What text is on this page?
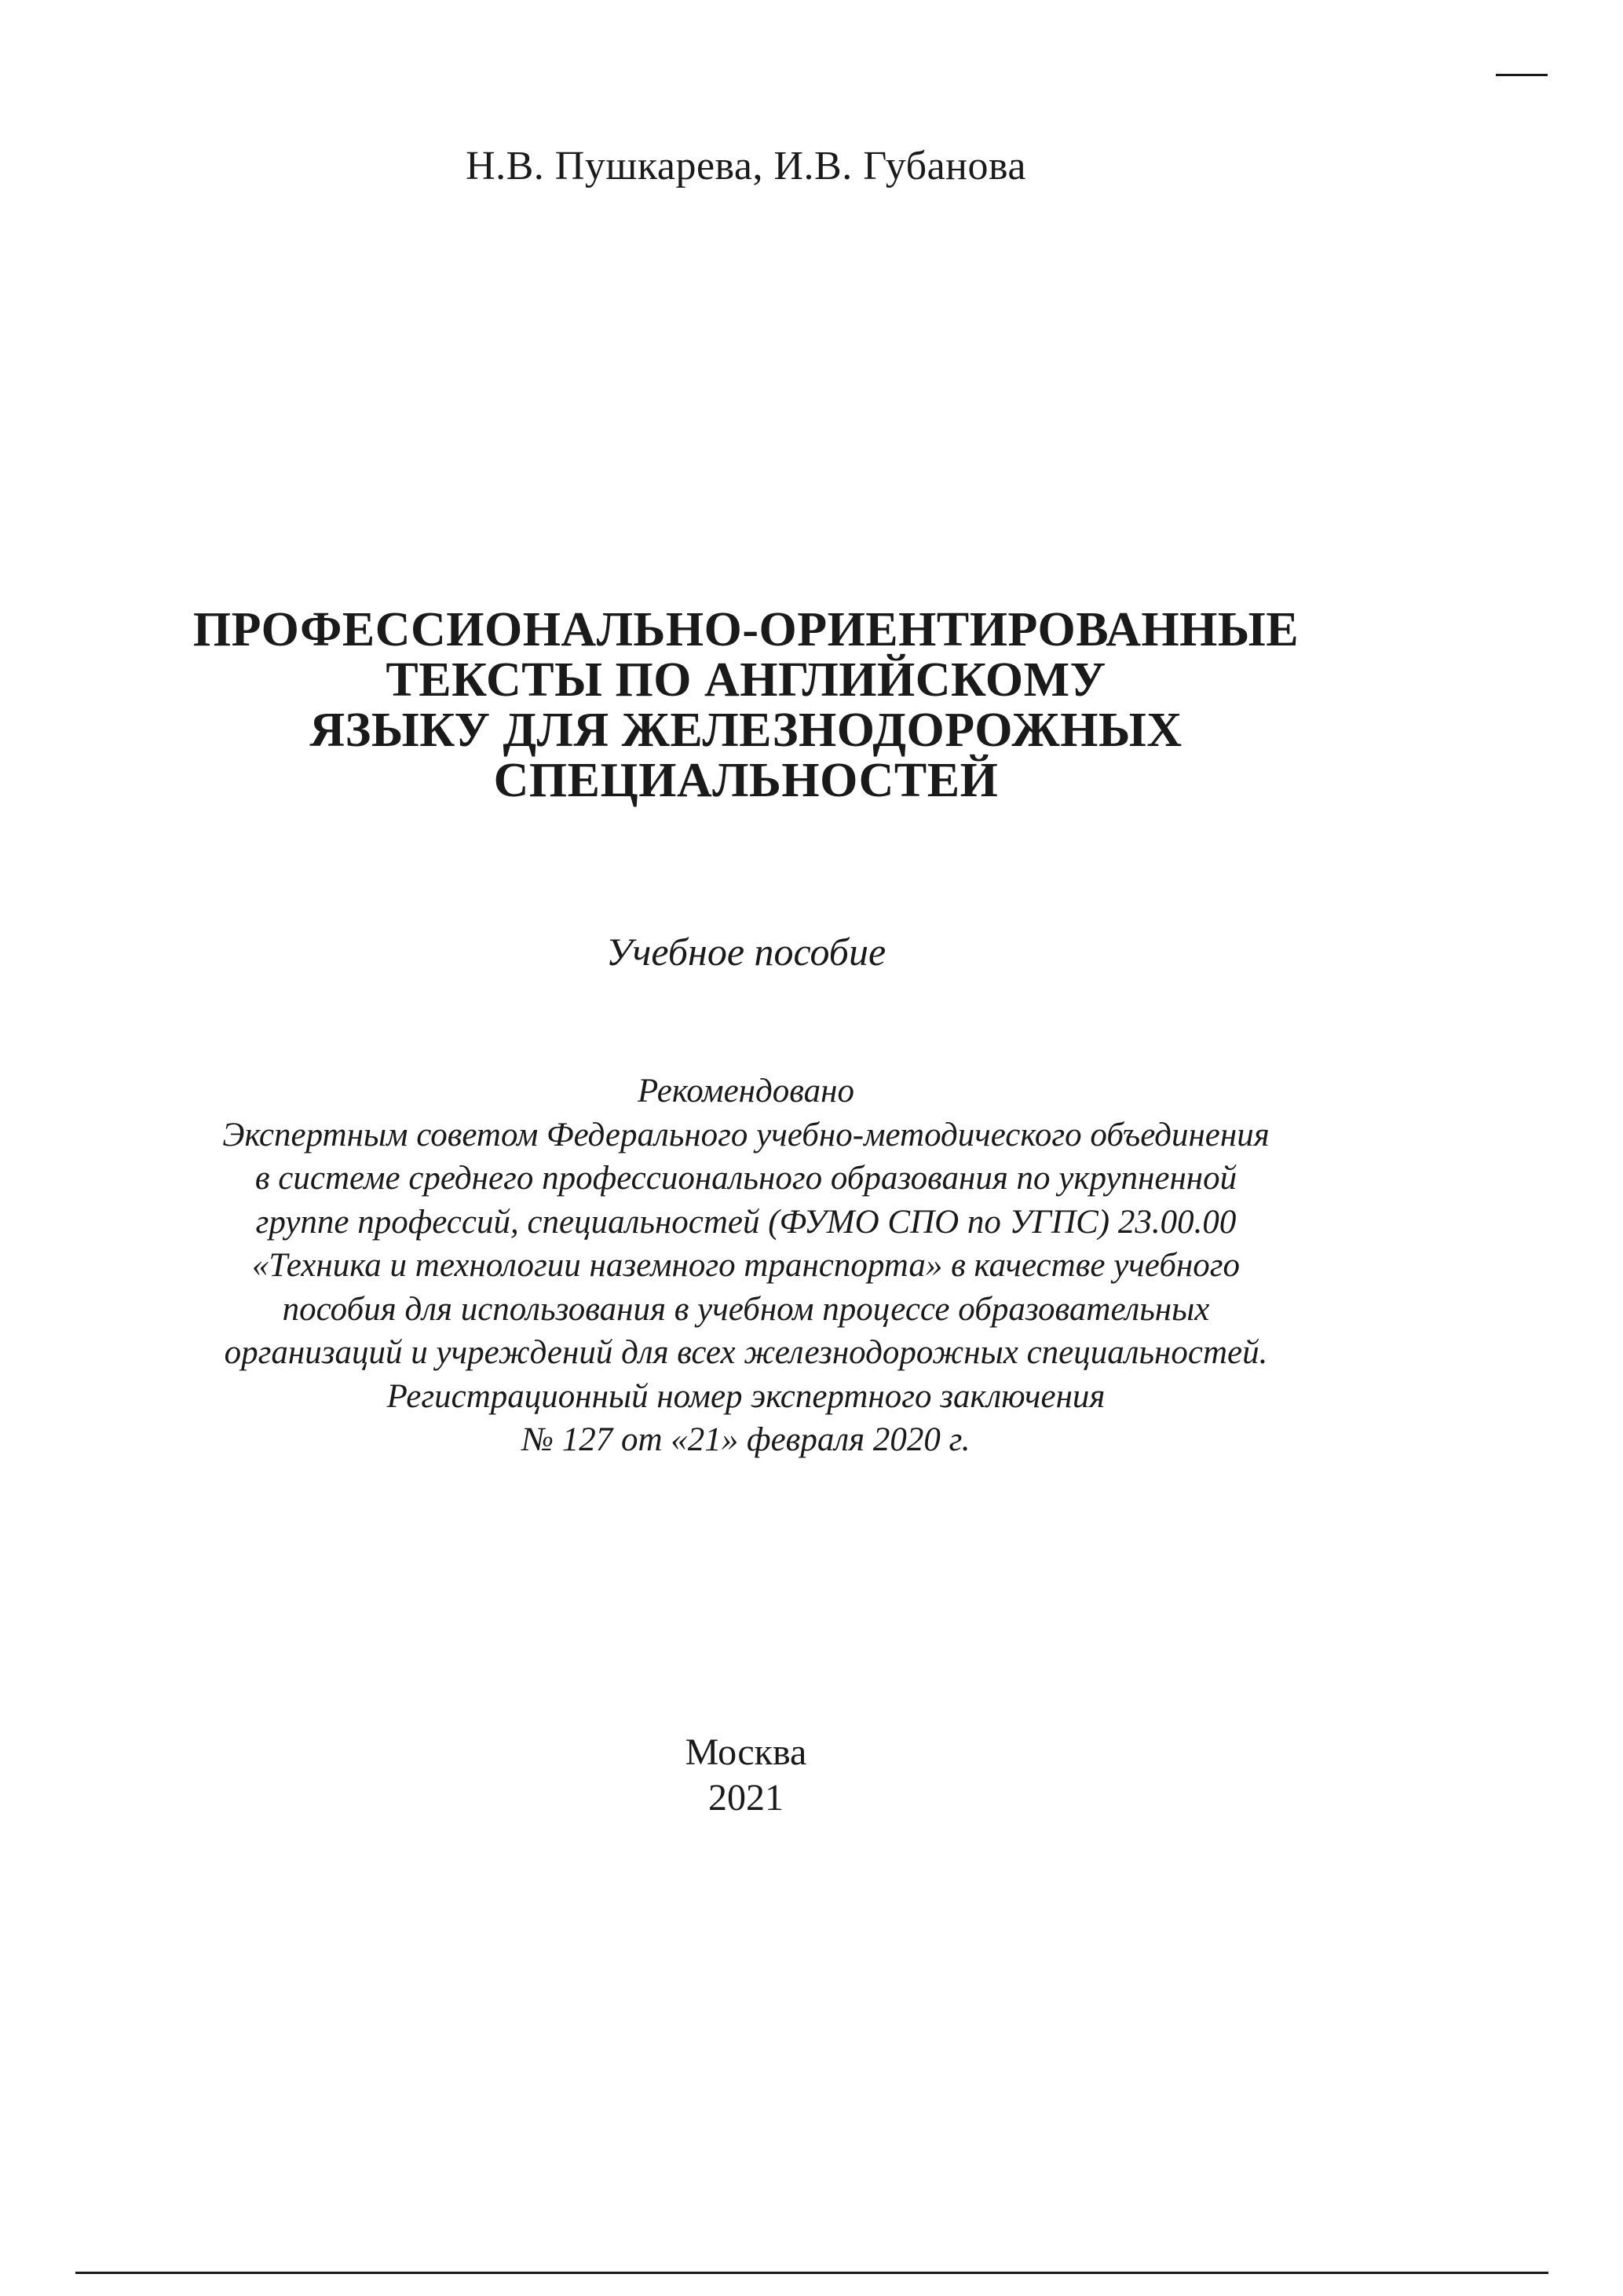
Н.В. Пушкарева, И.В. Губанова
ПРОФЕССИОНАЛЬНО-ОРИЕНТИРОВАННЫЕ
ТЕКСТЫ ПО АНГЛИЙСКОМУ
ЯЗЫКУ ДЛЯ ЖЕЛЕЗНОДОРОЖНЫХ
СПЕЦИАЛЬНОСТЕЙ
Учебное пособие
Рекомендовано
Экспертным советом Федерального учебно-методического объединения
в системе среднего профессионального образования по укрупненной
группе профессий, специальностей (ФУМО СПО по УГПС) 23.00.00
«Техника и технологии наземного транспорта» в качестве учебного
пособия для использования в учебном процессе образовательных
организаций и учреждений для всех железнодорожных специальностей.
Регистрационный номер экспертного заключения
№ 127 от «21» февраля 2020 г.
Москва
2021
